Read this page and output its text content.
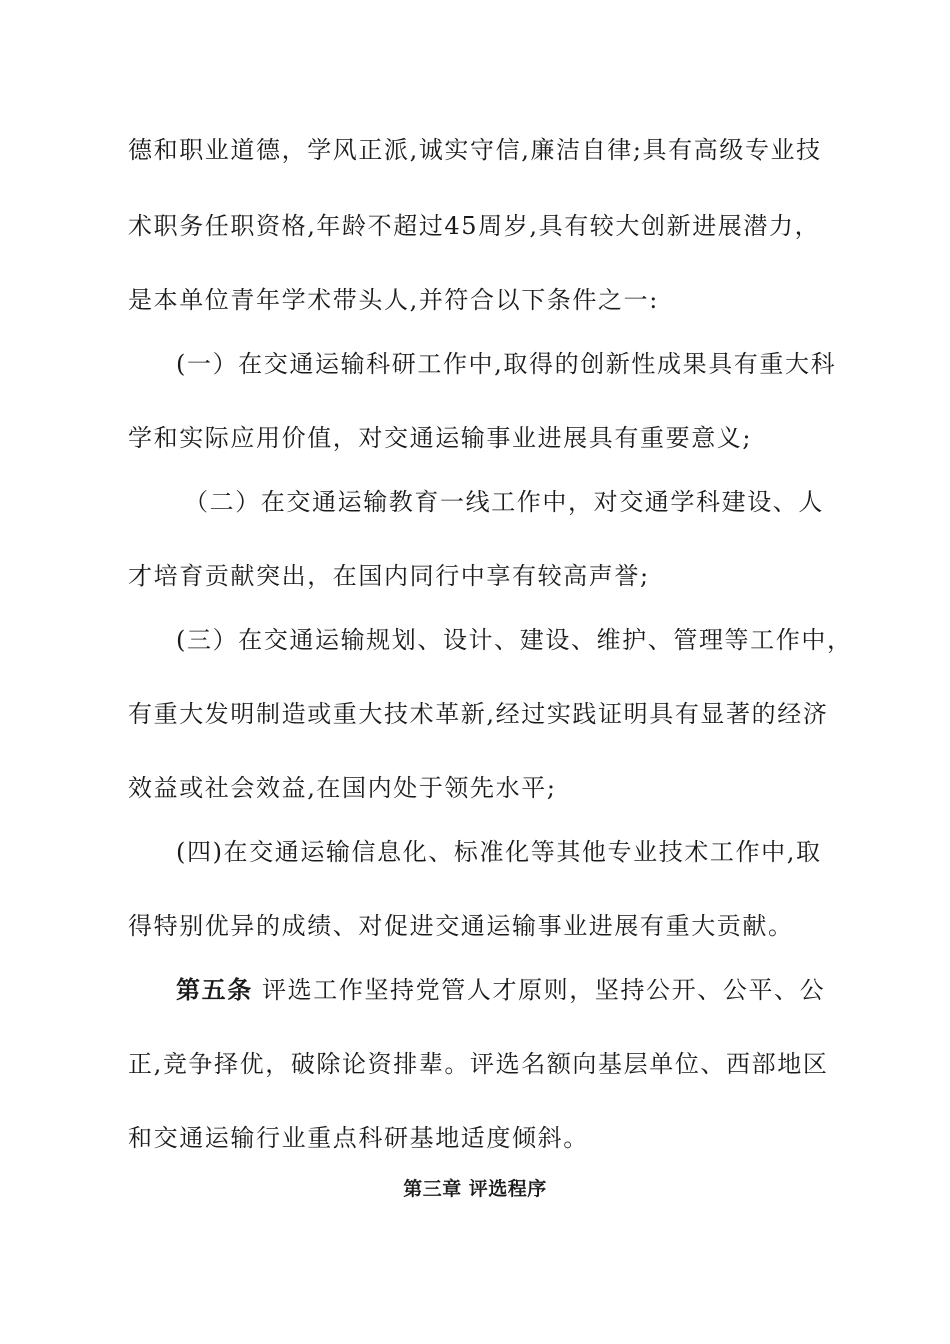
德和职业道德，学风正派,诚实守信,廉洁自律;具有高级专业技
术职务任职资格,年龄不超过45周岁,具有较大创新进展潜力，
是本单位青年学术带头人,并符合以下条件之一:
(一）在交通运输科研工作中,取得的创新性成果具有重大科
学和实际应用价值，对交通运输事业进展具有重要意义;
（二）在交通运输教育一线工作中，对交通学科建设、人
才培育贡献突出，在国内同行中享有较高声誉;
(三）在交通运输规划、设计、建设、维护、管理等工作中，
有重大发明制造或重大技术革新,经过实践证明具有显著的经济
效益或社会效益,在国内处于领先水平;
(四)在交通运输信息化、标准化等其他专业技术工作中,取
得特别优异的成绩、对促进交通运输事业进展有重大贡献。
第五条 评选工作坚持党管人才原则，坚持公开、公平、公
正,竞争择优，破除论资排辈。评选名额向基层单位、西部地区
和交通运输行业重点科研基地适度倾斜。
第三章 评选程序
